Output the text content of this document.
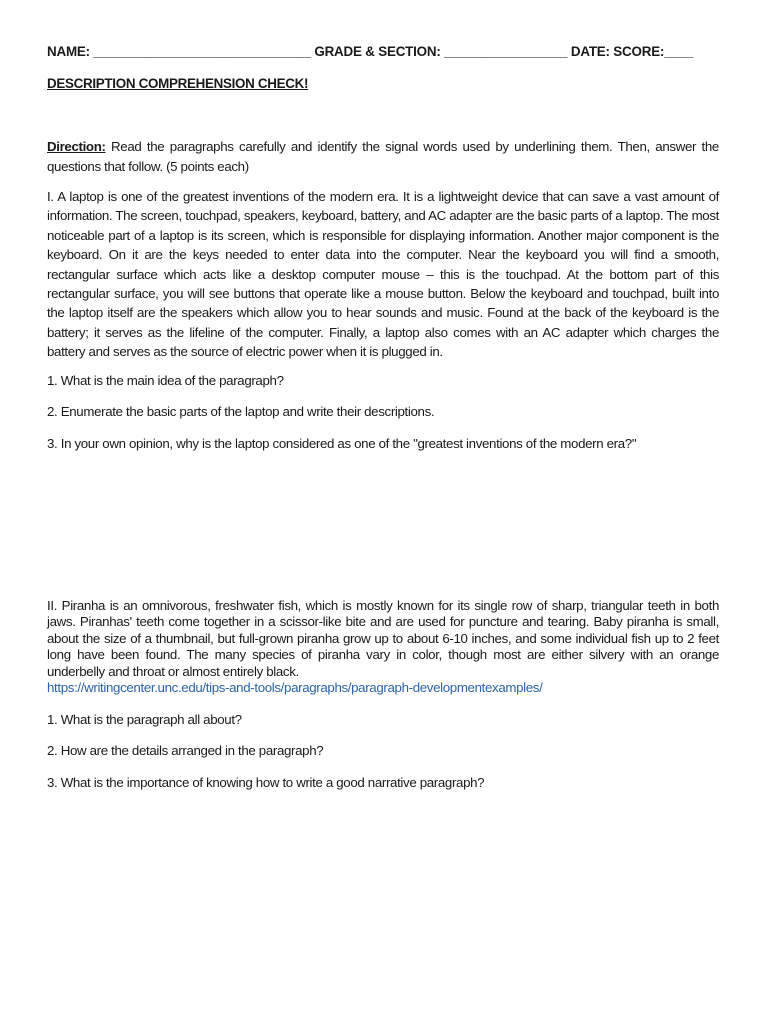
NAME: ______________________________ GRADE & SECTION: _________________ DATE: SCORE:____
DESCRIPTION COMPREHENSION CHECK!
Direction: Read the paragraphs carefully and identify the signal words used by underlining them. Then, answer the questions that follow. (5 points each)
I. A laptop is one of the greatest inventions of the modern era. It is a lightweight device that can save a vast amount of information. The screen, touchpad, speakers, keyboard, battery, and AC adapter are the basic parts of a laptop. The most noticeable part of a laptop is its screen, which is responsible for displaying information. Another major component is the keyboard. On it are the keys needed to enter data into the computer. Near the keyboard you will find a smooth, rectangular surface which acts like a desktop computer mouse – this is the touchpad. At the bottom part of this rectangular surface, you will see buttons that operate like a mouse button. Below the keyboard and touchpad, built into the laptop itself are the speakers which allow you to hear sounds and music. Found at the back of the keyboard is the battery; it serves as the lifeline of the computer. Finally, a laptop also comes with an AC adapter which charges the battery and serves as the source of electric power when it is plugged in.
1. What is the main idea of the paragraph?
2. Enumerate the basic parts of the laptop and write their descriptions.
3. In your own opinion, why is the laptop considered as one of the "greatest inventions of the modern era?"
II. Piranha is an omnivorous, freshwater fish, which is mostly known for its single row of sharp, triangular teeth in both jaws. Piranhas' teeth come together in a scissor-like bite and are used for puncture and tearing. Baby piranha is small, about the size of a thumbnail, but full-grown piranha grow up to about 6-10 inches, and some individual fish up to 2 feet long have been found. The many species of piranha vary in color, though most are either silvery with an orange underbelly and throat or almost entirely black.
https://writingcenter.unc.edu/tips-and-tools/paragraphs/paragraph-developmentexamples/
1. What is the paragraph all about?
2. How are the details arranged in the paragraph?
3. What is the importance of knowing how to write a good narrative paragraph?
